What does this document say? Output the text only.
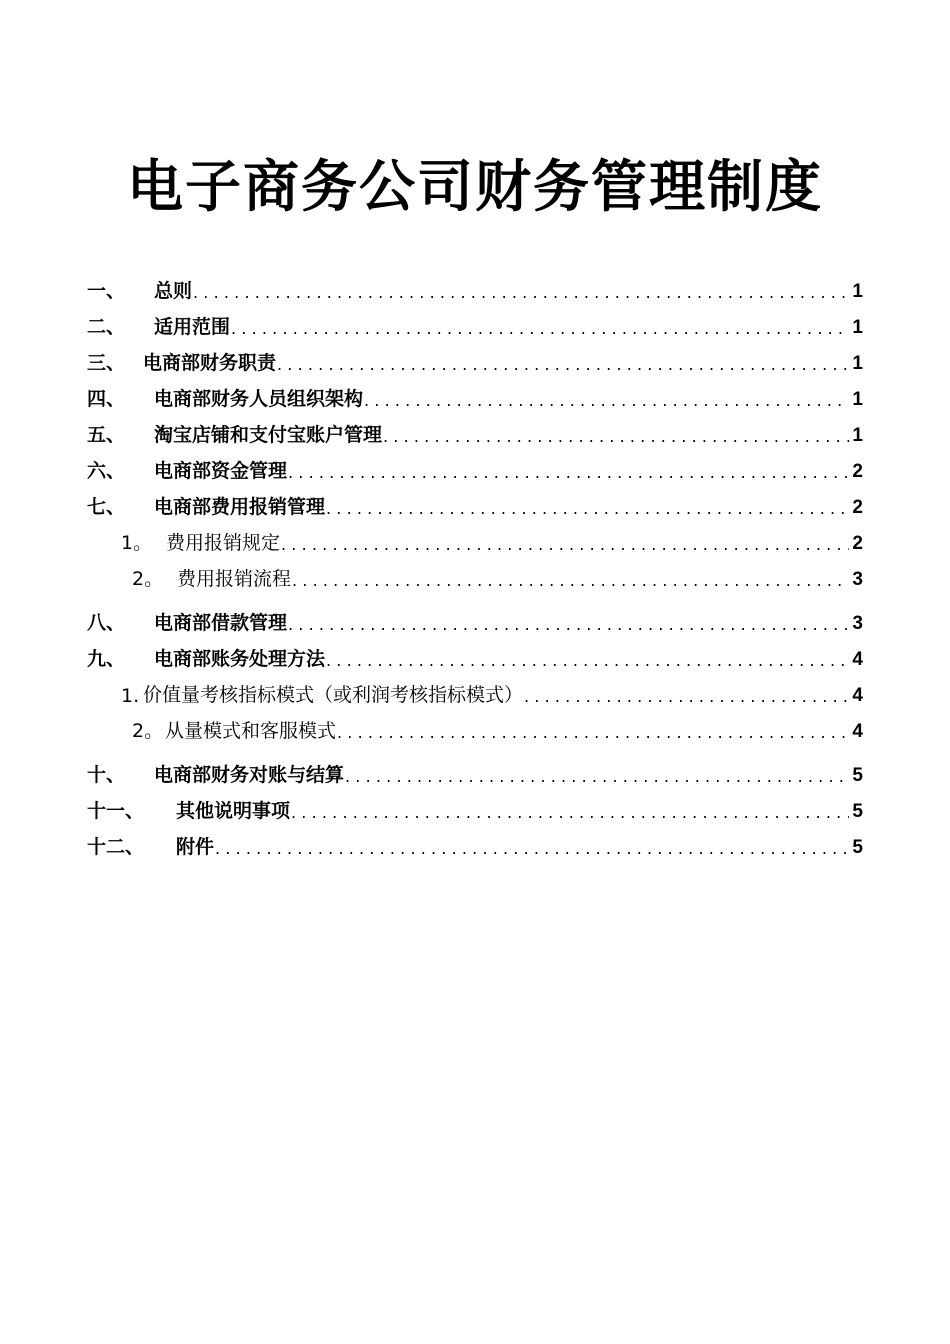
电子商务公司财务管理制度
一、	总则 .....	1
二、	适用范围 .....	1
三、 电商部财务职责 .....	1
四、	电商部财务人员组织架构 .....	1
五、	淘宝店铺和支付宝账户管理 .....	1
六、	电商部资金管理 .....	2
七、	电商部费用报销管理 .....	2
1。 费用报销规定 .....	2
2。 费用报销流程 .....	3
八、	电商部借款管理 .....	3
九、	电商部账务处理方法 .....	4
1. 价值量考核指标模式（或利润考核指标模式） .....	4
2。 从量模式和客服模式 .....	4
十、	电商部财务对账与结算 .....	5
十一、	其他说明事项 .....	5
十二、	附件 .....	5
